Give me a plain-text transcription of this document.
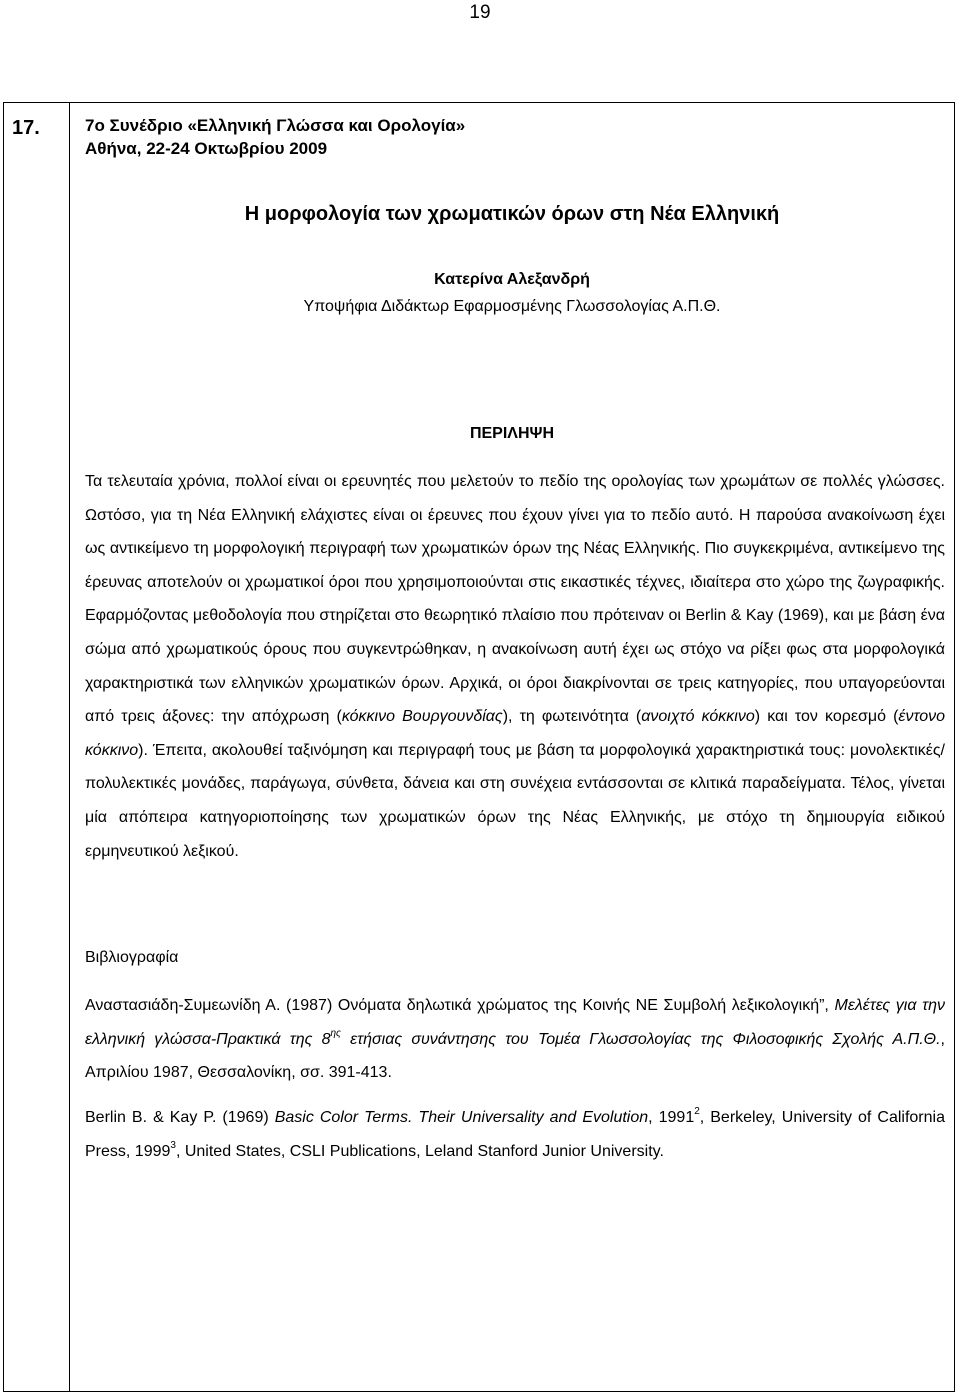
19
17.	7ο Συνέδριο «Ελληνική Γλώσσα και Ορολογία»
Αθήνα, 22-24 Οκτωβρίου 2009
Η μορφολογία των χρωματικών όρων στη Νέα Ελληνική
Κατερίνα Αλεξανδρή
Υποψήφια Διδάκτωρ Εφαρμοσμένης Γλωσσολογίας Α.Π.Θ.
ΠΕΡΙΛΗΨΗ

Τα τελευταία χρόνια, πολλοί είναι οι ερευνητές που μελετούν το πεδίο της ορολογίας των χρωμάτων σε πολλές γλώσσες. Ωστόσο, για τη Νέα Ελληνική ελάχιστες είναι οι έρευνες που έχουν γίνει για το πεδίο αυτό. Η παρούσα ανακοίνωση έχει ως αντικείμενο τη μορφολογική περιγραφή των χρωματικών όρων της Νέας Ελληνικής. Πιο συγκεκριμένα, αντικείμενο της έρευνας αποτελούν οι χρωματικοί όροι που χρησιμοποιούνται στις εικαστικές τέχνες, ιδιαίτερα στο χώρο της ζωγραφικής. Εφαρμόζοντας μεθοδολογία που στηρίζεται στο θεωρητικό πλαίσιο που πρότειναν οι Berlin & Kay (1969), και με βάση ένα σώμα από χρωματικούς όρους που συγκεντρώθηκαν, η ανακοίνωση αυτή έχει ως στόχο να ρίξει φως στα μορφολογικά χαρακτηριστικά των ελληνικών χρωματικών όρων. Αρχικά, οι όροι διακρίνονται σε τρεις κατηγορίες, που υπαγορεύονται από τρεις άξονες: την απόχρωση (κόκκινο Βουργουνδίας), τη φωτεινότητα (ανοιχτό κόκκινο) και τον κορεσμό (έντονο κόκκινο). Έπειτα, ακολουθεί ταξινόμηση και περιγραφή τους με βάση τα μορφολογικά χαρακτηριστικά τους: μονολεκτικές/ πολυλεκτικές μονάδες, παράγωγα, σύνθετα, δάνεια και στη συνέχεια εντάσσονται σε κλιτικά παραδείγματα. Τέλος, γίνεται μία απόπειρα κατηγοριοποίησης των χρωματικών όρων της Νέας Ελληνικής, με στόχο τη δημιουργία ειδικού ερμηνευτικού λεξικού.

Βιβλιογραφία

Αναστασιάδη-Συμεωνίδη Α. (1987) Ονόματα δηλωτικά χρώματος της Κοινής ΝΕ Συμβολή λεξικολογική”, Μελέτες για την ελληνική γλώσσα-Πρακτικά της $8^{\eta\varsigma}$ ετήσιας συνάντησης του Τομέα Γλωσσολογίας της Φιλοσοφικής Σχολής Α.Π.Θ., Απριλίου 1987, Θεσσαλονίκη, σσ. 391-413.

Berlin B. & Kay P. (1969) Basic Color Terms. Their Universality and Evolution, 1991$^2$, Berkeley, University of California Press, 1999$^3$, United States, CSLI Publications, Leland Stanford Junior University.
